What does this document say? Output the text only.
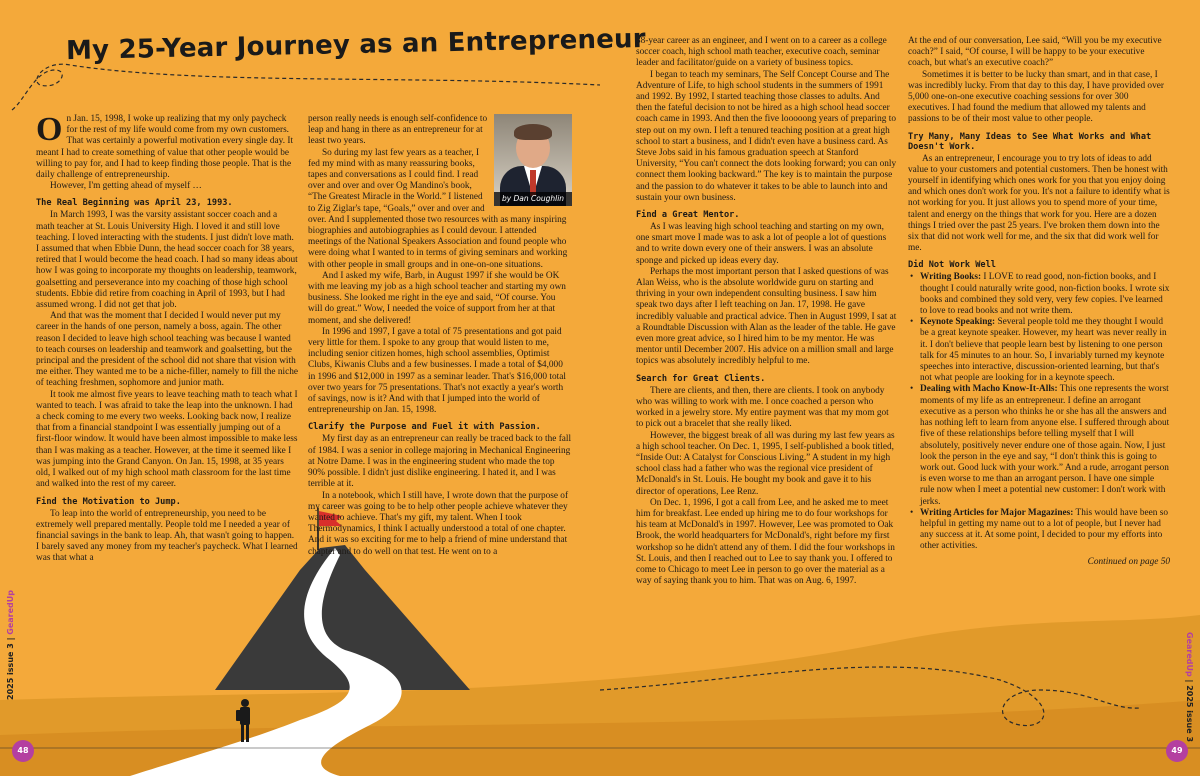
My 25-Year Journey as an Entrepreneur

On Jan. 15, 1998, I woke up realizing that my only paycheck for the rest of my life would come from my own customers. That was certainly a powerful motivation every single day. It meant I had to create something of value that other people would be willing to pay for, and I had to keep finding those people. That is the daily challenge of entrepreneurship.

However, I'm getting ahead of myself …

The Real Beginning was April 23, 1993.

In March 1993, I was the varsity assistant soccer coach and a math teacher at St. Louis University High. I loved it and still love teaching. I loved interacting with the students. I just didn't love math. I assumed that when Ebbie Dunn, the head soccer coach for 38 years, retired that I would become the head coach. I had so many ideas about how I was going to incorporate my thoughts on leadership, teamwork, goalsetting and perseverance into my coaching of those high school students. Ebbie did retire from coaching in April of 1993, but I had assumed wrong. I did not get that job.

And that was the moment that I decided I would never put my career in the hands of one person, namely a boss, again. The other reason I decided to leave high school teaching was because I wanted to teach courses on leadership and teamwork and goalsetting, but the principal and the president of the school did not share that vision with me either. They wanted me to be a niche-filler, namely to fill the niche of teaching freshmen, sophomore and junior math.

It took me almost five years to leave teaching math to teach what I wanted to teach. I was afraid to take the leap into the unknown. I had a check coming to me every two weeks. Looking back now, I realize that from a financial standpoint I was essentially jumping out of a first-floor window. It would have been almost impossible to make less than I was making as a teacher. However, at the time it seemed like I was jumping into the Grand Canyon. On Jan. 15, 1998, at 35 years old, I walked out of my high school math classroom for the last time and walked into the rest of my career.

Find the Motivation to Jump.

To leap into the world of entrepreneurship, you need to be extremely well prepared mentally. People told me I needed a year of financial savings in the bank to leap. Ah, that wasn't going to happen. I barely saved any money from my teacher's paycheck. What I learned was that what a

by Dan Coughlin

person really needs is enough self-confidence to leap and hang in there as an entrepreneur for at least two years.

So during my last few years as a teacher, I fed my mind with as many reassuring books, tapes and conversations as I could find. I read over and over and over Og Mandino's book, “The Greatest Miracle in the World.” I listened to Zig Ziglar's tape, “Goals,” over and over and over. And I supplemented those two resources with as many inspiring biographies and autobiographies as I could devour. I attended meetings of the National Speakers Association and found people who were doing what I wanted to in terms of giving seminars and working with other people in small groups and in one-on-one situations.

And I asked my wife, Barb, in August 1997 if she would be OK with me leaving my job as a high school teacher and starting my own business. She looked me right in the eye and said, “Of course. You will do great.” Wow, I needed the voice of support from her at that moment, and she delivered!

In 1996 and 1997, I gave a total of 75 presentations and got paid very little for them. I spoke to any group that would listen to me, including senior citizen homes, high school assemblies, Optimist Clubs, Kiwanis Clubs and a few businesses. I made a total of $4,000 in 1996 and $12,000 in 1997 as a seminar leader. That's $16,000 total over two years for 75 presentations. That's not exactly a year's worth of savings, now is it? And with that I jumped into the world of entrepreneurship on Jan. 15, 1998.

Clarify the Purpose and Fuel it with Passion.

My first day as an entrepreneur can really be traced back to the fall of 1984. I was a senior in college majoring in Mechanical Engineering at Notre Dame. I was in the engineering student who made the top 90% possible. I didn't just dislike engineering. I hated it, and I was terrible at it.

In a notebook, which I still have, I wrote down that the purpose of my career was going to be to help other people achieve whatever they wanted to achieve. That's my gift, my talent. When I took Thermodynamics, I think I actually understood a total of one chapter. And it was so exciting for me to help a friend of mine understand that chapter and to do well on that test. He went on to a

38-year career as an engineer, and I went on to a career as a college soccer coach, high school math teacher, executive coach, seminar leader and facilitator/guide on a variety of business topics.

I began to teach my seminars, The Self Concept Course and The Adventure of Life, to high school students in the summers of 1991 and 1992. By 1992, I started teaching those classes to adults. And then the fateful decision to not be hired as a high school head soccer coach came in 1993. And then the five looooong years of preparing to step out on my own. I left a tenured teaching position at a great high school to start a business, and I didn't even have a business card. As Steve Jobs said in his famous graduation speech at Stanford University, “You can't connect the dots looking forward; you can only connect them looking backward.” The key is to maintain the purpose and the passion to do whatever it takes to be able to launch into and sustain your own business.

Find a Great Mentor.

As I was leaving high school teaching and starting on my own, one smart move I made was to ask a lot of people a lot of questions and to write down every one of their answers. I was an absolute sponge and picked up ideas every day.

Perhaps the most important person that I asked questions of was Alan Weiss, who is the absolute worldwide guru on starting and thriving in your own independent consulting business. I saw him speak two days after I left teaching on Jan. 17, 1998. He gave incredibly valuable and practical advice. Then in August 1999, I sat at a Roundtable Discussion with Alan as the leader of the table. He gave even more great advice, so I hired him to be my mentor. He was mentor until December 2007. His advice on a million small and large topics was absolutely incredibly helpful to me.

Search for Great Clients.

There are clients, and then, there are clients. I took on anybody who was willing to work with me. I once coached a person who worked in a jewelry store. My entire payment was that my mom got to pick out a bracelet that she really liked.

However, the biggest break of all was during my last few years as a high school teacher. On Dec. 1, 1995, I self-published a book titled, “Inside Out: A Catalyst for Conscious Living.” A student in my high school class had a father who was the regional vice president of McDonald's in St. Louis. He bought my book and gave it to his director of operations, Lee Renz.

On Dec. 1, 1996, I got a call from Lee, and he asked me to meet him for breakfast. Lee ended up hiring me to do four workshops for his team at McDonald's in 1997. However, Lee was promoted to Oak Brook, the world headquarters for McDonald's, right before my first workshop so he didn't attend any of them. I did the four workshops in St. Louis, and then I reached out to Lee to say thank you. I offered to come to Chicago to meet Lee in person to go over the material as a way of saying thank you to him. That was on Aug. 6, 1997.

At the end of our conversation, Lee said, “Will you be my executive coach?” I said, “Of course, I will be happy to be your executive coach, but what's an executive coach?”

Sometimes it is better to be lucky than smart, and in that case, I was incredibly lucky. From that day to this day, I have provided over 5,000 one-on-one executive coaching sessions for over 300 executives. I had found the medium that allowed my talents and passions to be of their most value to other people.

Try Many, Many Ideas to See What Works and What Doesn't Work.

As an entrepreneur, I encourage you to try lots of ideas to add value to your customers and potential customers. Then be honest with yourself in identifying which ones work for you that you enjoy doing and which ones don't work for you. It's not a failure to identify what is not working for you. It just allows you to spend more of your time, talent and energy on the things that work for you. Here are a dozen things I tried over the past 25 years. I've broken them down into the six that did not work well for me, and the six that did work well for me.

Did Not Work Well

• Writing Books: I LOVE to read good, non-fiction books, and I thought I could naturally write good, non-fiction books. I wrote six books and combined they sold very, very few copies. I've learned to love to read books and not write them.

• Keynote Speaking: Several people told me they thought I would be a great keynote speaker. However, my heart was never really in it. I don't believe that people learn best by listening to one person talk for 45 minutes to an hour. So, I invariably turned my keynote speeches into interactive, discussion-oriented learning, but that's not what people are looking for in a keynote speech.

• Dealing with Macho Know-It-Alls: This one represents the worst moments of my life as an entrepreneur. I define an arrogant executive as a person who thinks he or she has all the answers and has nothing left to learn from anyone else. I suffered through about five of these relationships before telling myself that I will absolutely, positively never endure one of those again. Now, I just look the person in the eye and say, “I don't think this is going to work out. Good luck with your work.” And a rude, arrogant person is even worse to me than an arrogant person. I have one simple rule now when I meet a potential new customer: I don't work with jerks.

• Writing Articles for Major Magazines: This would have been so helpful in getting my name out to a lot of people, but I never had any success at it. At some point, I decided to pour my efforts into other activities.

Continued on page 50

2025 issue 3 | GearedUp
48
GearedUp | 2025 issue 3
49
